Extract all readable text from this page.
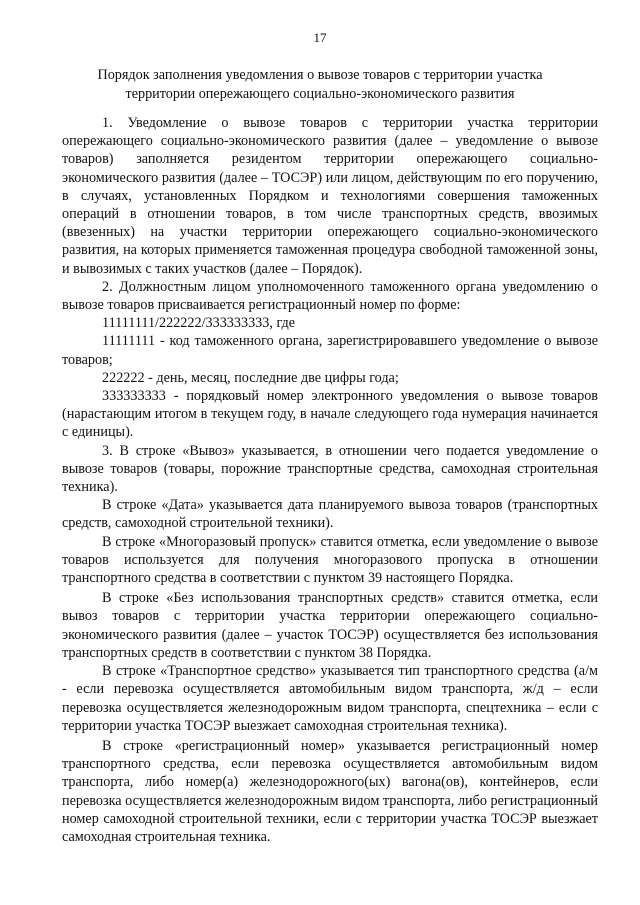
17
Порядок заполнения уведомления о вывозе товаров с территории участка территории опережающего социально-экономического развития

1. Уведомление о вывозе товаров с территории участка территории опережающего социально-экономического развития (далее – уведомление о вывозе товаров) заполняется резидентом территории опережающего социально-экономического развития (далее – ТОСЭР) или лицом, действующим по его поручению, в случаях, установленных Порядком и технологиями совершения таможенных операций в отношении товаров, в том числе транспортных средств, ввозимых (ввезенных) на участки территории опережающего социально-экономического развития, на которых применяется таможенная процедура свободной таможенной зоны, и вывозимых с таких участков (далее – Порядок).

2. Должностным лицом уполномоченного таможенного органа уведомлению о вывозе товаров присваивается регистрационный номер по форме:

11111111/222222/333333333, где

11111111 - код таможенного органа, зарегистрировавшего уведомление о вывозе товаров;

222222 - день, месяц, последние две цифры года;

333333333 - порядковый номер электронного уведомления о вывозе товаров (нарастающим итогом в текущем году, в начале следующего года нумерация начинается с единицы).

3. В строке «Вывоз» указывается, в отношении чего подается уведомление о вывозе товаров (товары, порожние транспортные средства, самоходная строительная техника).

В строке «Дата» указывается дата планируемого вывоза товаров (транспортных средств, самоходной строительной техники).

В строке «Многоразовый пропуск» ставится отметка, если уведомление о вывозе товаров используется для получения многоразового пропуска в отношении транспортного средства в соответствии с пунктом 39 настоящего Порядка.

В строке «Без использования транспортных средств» ставится отметка, если вывоз товаров с территории участка территории опережающего социально-экономического развития (далее – участок ТОСЭР) осуществляется без использования транспортных средств в соответствии с пунктом 38 Порядка.

В строке «Транспортное средство» указывается тип транспортного средства (а/м - если перевозка осуществляется автомобильным видом транспорта, ж/д – если перевозка осуществляется железнодорожным видом транспорта, спецтехника – если с территории участка ТОСЭР выезжает самоходная строительная техника).

В строке «регистрационный номер» указывается регистрационный номер транспортного средства, если перевозка осуществляется автомобильным видом транспорта, либо номер(а) железнодорожного(ых) вагона(ов), контейнеров, если перевозка осуществляется железнодорожным видом транспорта, либо регистрационный номер самоходной строительной техники, если с территории участка ТОСЭР выезжает самоходная строительная техника.
